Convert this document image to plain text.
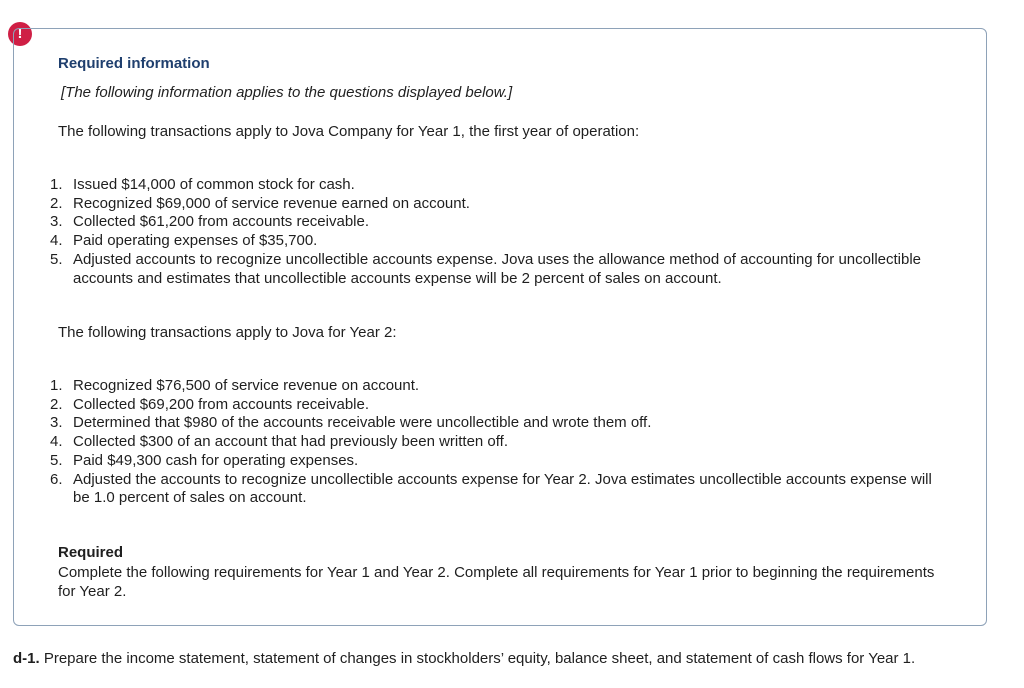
!

Required information

[The following information applies to the questions displayed below.]

The following transactions apply to Jova Company for Year 1, the first year of operation:

1. Issued $14,000 of common stock for cash.
2. Recognized $69,000 of service revenue earned on account.
3. Collected $61,200 from accounts receivable.
4. Paid operating expenses of $35,700.
5. Adjusted accounts to recognize uncollectible accounts expense. Jova uses the allowance method of accounting for uncollectible accounts and estimates that uncollectible accounts expense will be 2 percent of sales on account.

The following transactions apply to Jova for Year 2:

1. Recognized $76,500 of service revenue on account.
2. Collected $69,200 from accounts receivable.
3. Determined that $980 of the accounts receivable were uncollectible and wrote them off.
4. Collected $300 of an account that had previously been written off.
5. Paid $49,300 cash for operating expenses.
6. Adjusted the accounts to recognize uncollectible accounts expense for Year 2. Jova estimates uncollectible accounts expense will be 1.0 percent of sales on account.

Required

Complete the following requirements for Year 1 and Year 2. Complete all requirements for Year 1 prior to beginning the requirements for Year 2.

d-1. Prepare the income statement, statement of changes in stockholders’ equity, balance sheet, and statement of cash flows for Year 1.
